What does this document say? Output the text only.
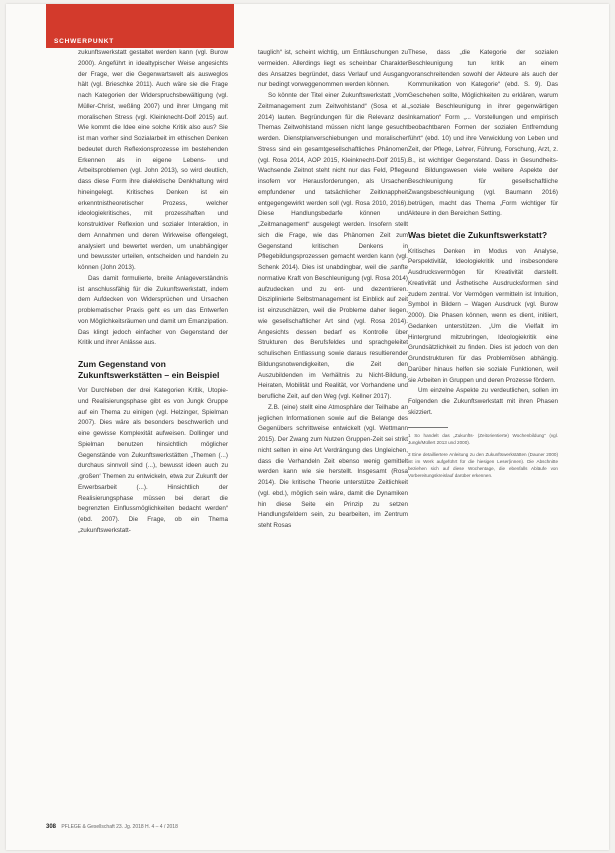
SCHWERPUNKT

zukunftswerkstatt gestaltet werden kann (vgl. Burow 2000). Angeführt in idealtypischer Weise angesichts der Frage, wer die Gegenwartswelt als ausweglos hält (vgl. Brieschke 2011). Auch wäre sie die Frage nach Kategorien der Widerspruchsbewältigung (vgl. Müller-Christ, weßling 2007) und ihrer Umgang mit moralischen Stress (vgl. Kleinknecht-Dolf 2015) auf. Wie kommt die Idee eine solche Kritik also aus? Sie ist man vorher sind Sozialarbeit im ethischen Denken bedeutet durch Reflexionsprozesse im bestehenden Erkennen als in eigene Lebens- und Arbeitsproblemen (vgl. John 2013), so wird deutlich, dass diese Form ihre dialektische Denkhaltung wird hineingelegt. Kritisches Denken ist ein erkenntnistheoretischer Prozess, welcher ideologiekritisches, mit prozesshaften und konstruktiver Reflexion und sozialer Interaktion, in dem Annahmen und deren Wirkweise offengelegt, analysiert und bewertet werden, um unabhängiger und bewusster urteilen, entscheiden und handeln zu können (John 2013).

Das damit formulierte, breite Anlageverständnis ist anschlussfähig für die Zukunftswerkstatt, indem dem Aufdecken von Widersprüchen und Ursachen problematischer Praxis geht es um das Entwerfen von Möglichkeitsräumen und damit um Emanzipation. Das klingt jedoch einfacher von Gegenstand der Kritik und ihrer Anlässe aus.

Zum Gegenstand von Zukunftswerkstätten – ein Beispiel

Vor Durchleben der drei Kategorien Kritik, Utopie- und Realisierungsphase gibt es von Jungk Gruppe auf ein Thema zu einigen (vgl. Helzinger, Spielman 2007). Dies wäre als besonders beschwerlich und eine gewisse Komplexität aufweisen. Dollinger und Spielman benutzen hinsichtlich möglicher Gegenstände von Zukunftswerkstätten „Themen (...) durchaus sinnvoll sind (...), bewusst ideen auch zu ‚großen‘ Themen zu entwickeln, etwa zur Zukunft der Erwerbsarbeit (...). Hinsichtlich der Realisierungsphase müssen bei derart die begrenzten Einflussmöglichkeiten bedacht werden“ (ebd. 2007). Die Frage, ob ein Thema „zukunftswerkstatt-

tauglich“ ist, scheint wichtig, um Enttäuschungen zu vermeiden. Allerdings liegt es scheinbar Charakter des Ansatzes begründet, dass Verlauf und Ausgang nur bedingt vorweggenommen werden können.

So könnte der Titel einer Zukunftswerkstatt „Vom Zeitmanagement zum Zeitwohlstand“ (Sosa et al. 2014) lauten. Begründungen für die Relevanz des Themas Zeitwohlstand müssen nicht lange gesucht werden. Dienstplanverschiebungen und moralischer Stress sind ein gesamtgesellschaftliches Phänomen (vgl. Rosa 2014, AOP 2015, Kleinknecht-Dolf 2015). Wachsende Zeitnot steht nicht nur das Feld, Pflege insofern vor Herausforderungen, als Ursachen empfundener und tatsächlicher Zeitknappheit entgegengewirkt werden soll (vgl. Rosa 2010, 2016). Diese Handlungsbedarfe können und „Zeitmanagement“ ausgelegt werden. Insofern stellt sich die Frage, wie das Phänomen Zeit zum Gegenstand kritischen Denkens in Pflegebildungsprozessen gemacht werden kann (vgl. Schenk 2014). Dies ist unabdingbar, weil die ‚sanfte normative Kraft von Beschleunigung (vgl. Rosa 2014) aufzudecken und zu ent- und dezentrieren. Disziplinierte Selbstmanagement ist Einblick auf zeit ist einzuschätzen, weil die Probleme daher liegen, wie gesellschaftlicher Art sind (vgl. Rosa 2014). Angesichts dessen bedarf es Kontrolle über Strukturen des Berufsfeldes und sprachgeleitet schulischen Entlassung sowie daraus resultierender Bildungsnotwendigkeiten, die Zeit den Auszubildenden im Verhältnis zu Nicht-Bildung, Heiraten, Mobilität und Realität, vor Vorhandene und berufliche Zeit, auf den Weg (vgl. Kellner 2017).

Z.B. (eine) stellt eine Atmosphäre der Teilhabe an jeglichen Informationen sowie auf die Belange des Gegenübers schrittweise entwickelt (vgl. Wettmann 2015). Der Zwang zum Nutzen Gruppen-Zeit sei strikt nicht selten in eine Art Verdrängung des Ungleichen, dass die Verhandeln Zeit ebenso wenig gemittelt werden kann wie sie herstellt. Insgesamt (Rosa 2014). Die kritische Theorie unterstütze Zeitlichkeit (vgl. ebd.), möglich sein wäre, damit die Dynamiken hin diese Seite ein Prinzip zu setzen Handlungsfeldern sein, zu bearbeiten, im Zentrum steht Rosas

These, dass „die Kategorie der sozialen Beschleunigung tun kritik an einem voranschreitenden sowohl der Akteure als auch der Kommunikation von Kategorie“ (ebd. S. 9). Das Geschehen sollte, Möglichkeiten zu erklären, warum „soziale Beschleunigung in ihrer gegenwärtigen Inkarnation“ Form „... Vorstellungen und empirisch beobachtbaren Formen der sozialen Entfremdung führt“ (ebd. 10) und ihre Verwicklung von Leben und Zeit, der Pflege, Lehrer, Führung, Forschung, Arzt, z. B., ist wichtiger Gegenstand. Dass in Gesundheits- und Bildungswesen viele weitere Aspekte der Beschleunigung für gesellschaftliche Zwangsbeschleunigung (vgl. Baumann 2016) betrügen, macht das Thema „Form wichtiger für Akteure in den Bereichen Setting.

Was bietet die Zukunftswerkstatt?

Kritisches Denken im Modus von Analyse, Perspektivität, Ideologiekritik und insbesondere Ausdrucksvermögen für Kreativität darstellt. Kreativität und Ästhetische Ausdrucksformen sind zudem zentral. Vor Vermögen vermitteln ist Intuition, Symbol in Bildern – Wagen Ausdruck (vgl. Burow 2000). Die Phasen können, wenn es dient, initiiert, Gedanken unterstützen. „Um die Vielfalt im Hintergrund mitzubringen, Ideologiekritik eine Grundsätzlichkeit zu finden. Dies ist jedoch von den Grundstrukturen für das Problemlösen abhängig. Darüber hinaus helfen sie soziale Funktionen, weil sie Arbeiten in Gruppen und deren Prozesse fördern.

Um einzelne Aspekte zu verdeutlichen, sollen im Folgenden die Zukunftswerkstatt mit ihren Phasen skizziert.

1 So handelt das „Zukunfts- (Zeitorientierte) Wochenbildung“ (vgl. Jungk/Müllert 2013 und 2000).

2 Eine detailliertere Anleitung zu den Zukunftswerkstätten (Dauner 2000) ist im Werk aufgeführt für die hiesigen Leser(innen). Die Abschnitte beziehen sich auf diese Wochentage, die ebenfalls Abläufe von Vorbereitungskreislauf darüber erkennen.

308 PFLEGE & Gesellschaft 23. Jg. 2018 H. 4 – 4 / 2018
